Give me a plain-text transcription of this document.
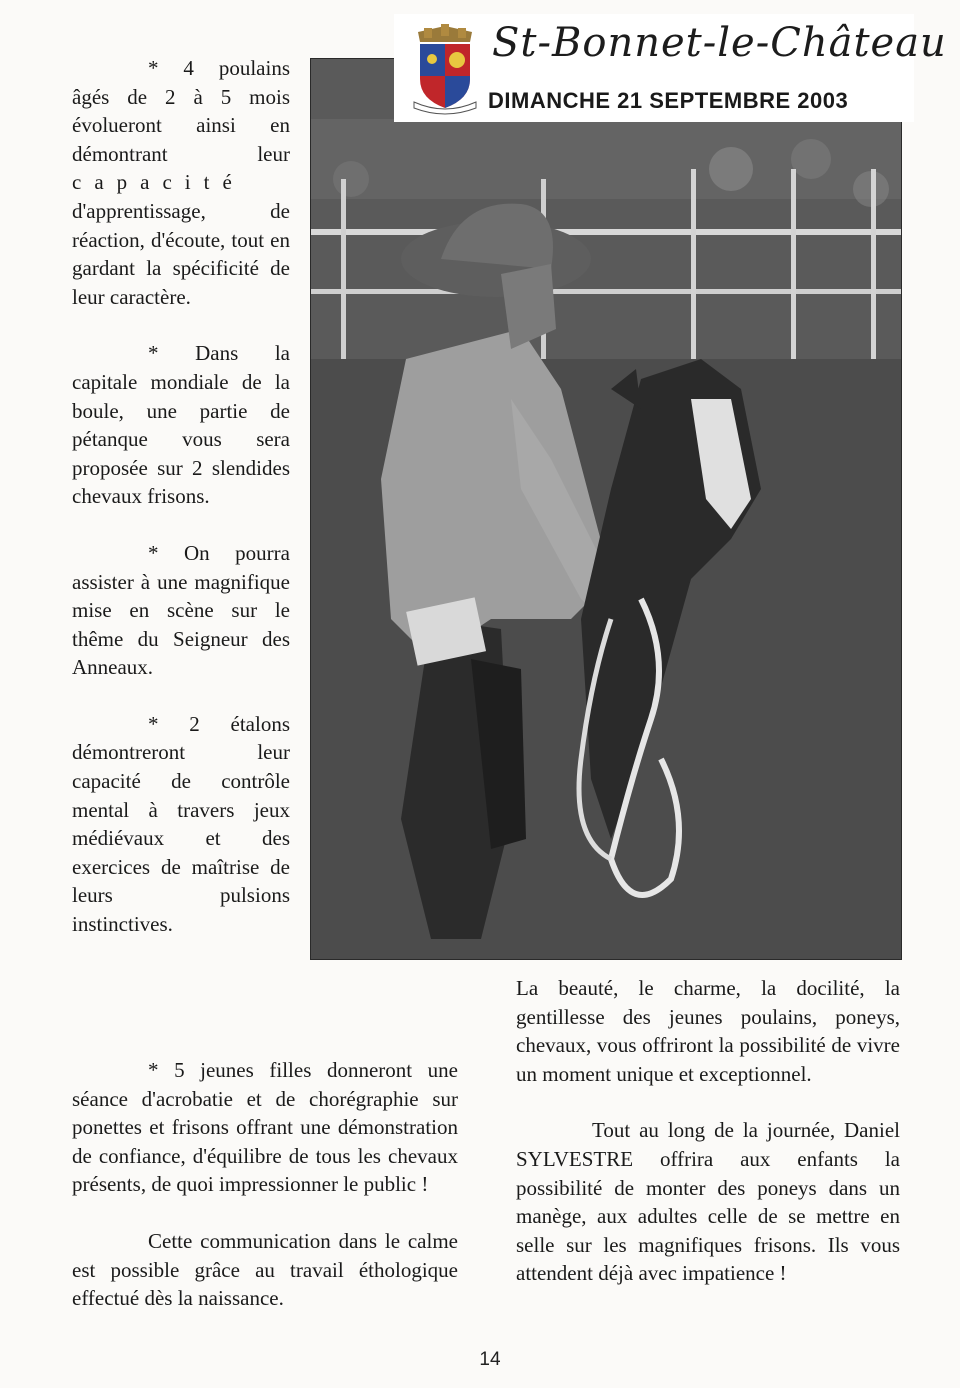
St-Bonnet-le-Château
DIMANCHE 21 SEPTEMBRE 2003

* 4 poulains âgés de 2 à 5 mois évolueront ainsi en démontrant leur capacité d'apprentissage, de réaction, d'écoute, tout en gardant la spécificité de leur caractère.

* Dans la capitale mondiale de la boule, une partie de pétanque vous sera proposée sur 2 slendides chevaux frisons.

* On pourra assister à une magnifique mise en scène sur le thême du Seigneur des Anneaux.

* 2 étalons démontreront leur capacité de contrôle mental à travers jeux médiévaux et des exercices de maîtrise de leurs pulsions instinctives.

* 5 jeunes filles donneront une séance d'acrobatie et de chorégraphie sur ponettes et frisons offrant une démonstration de confiance, d'équilibre de tous les chevaux présents, de quoi impressionner le public !

Cette communication dans le calme est possible grâce au travail éthologique effectué dès la naissance.

La beauté, le charme, la docilité, la gentillesse des jeunes poulains, poneys, chevaux, vous offriront la possibilité de vivre un moment unique et exceptionnel.

Tout au long de la journée, Daniel SYLVESTRE offrira aux enfants la possibilité de monter des poneys dans un manège, aux adultes celle de se mettre en selle sur les magnifiques frisons. Ils vous attendent déjà avec impatience !

14
